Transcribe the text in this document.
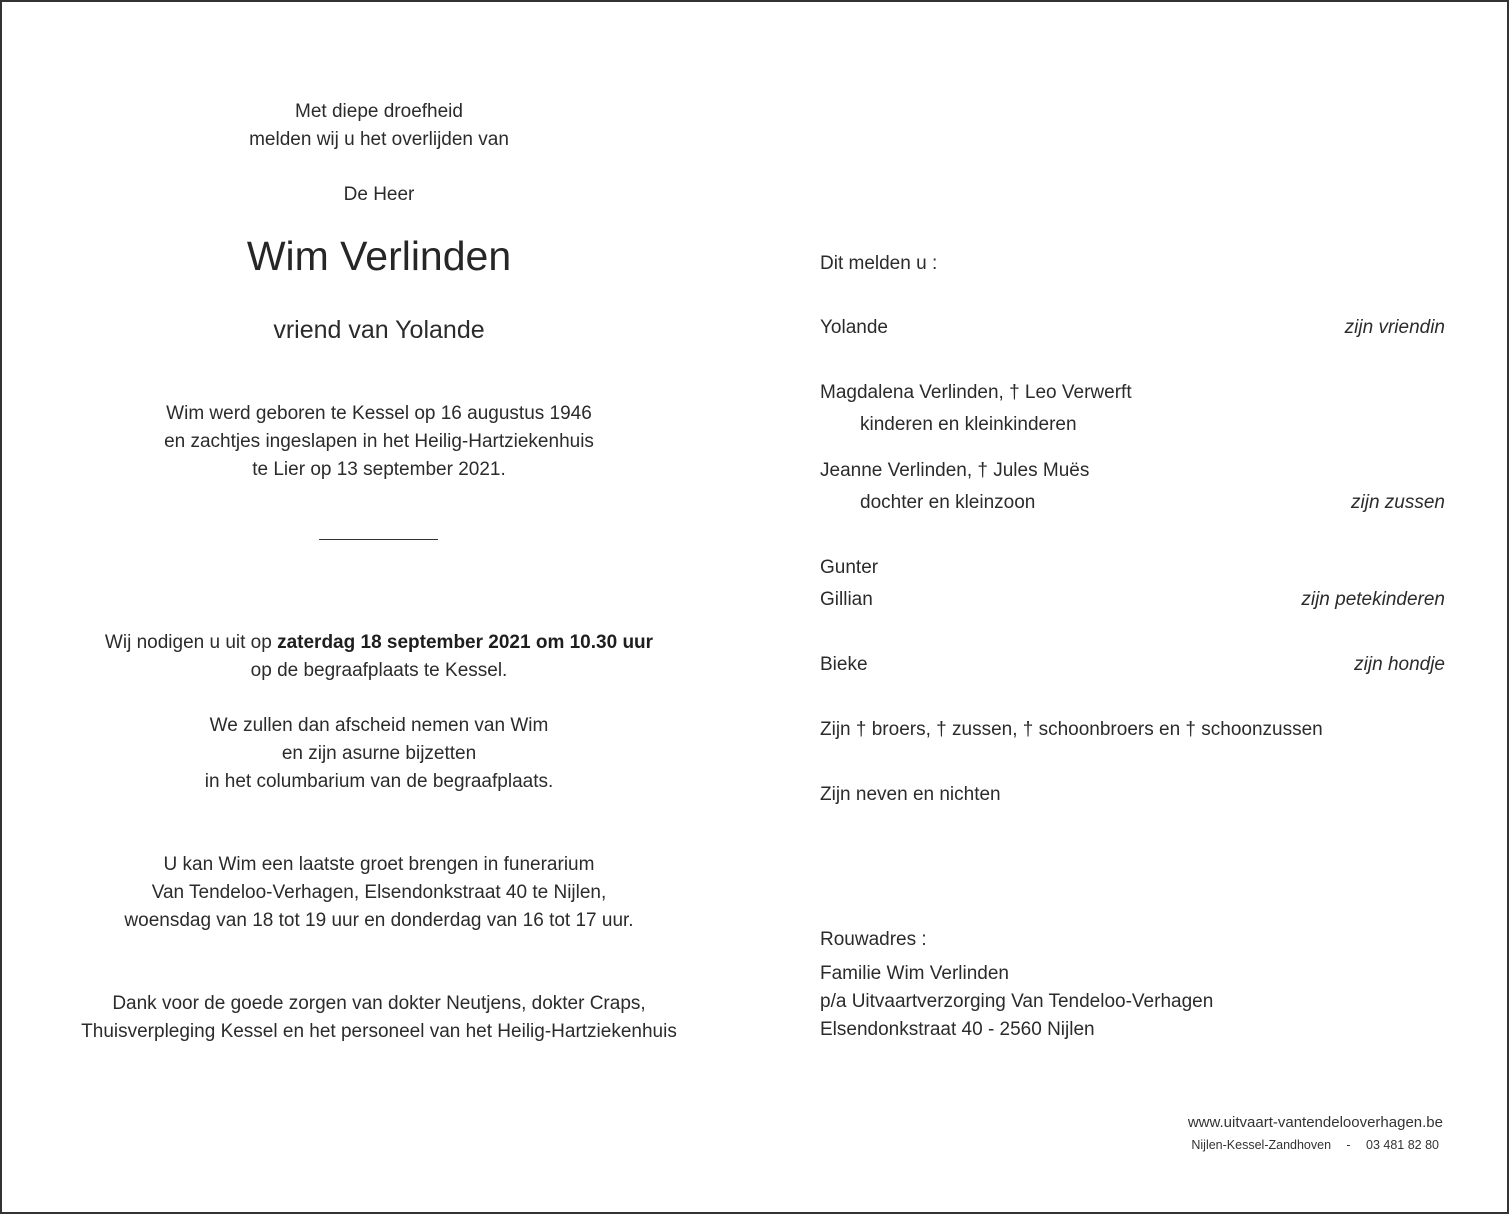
Met diepe droefheid
melden wij u het overlijden van
De Heer
Wim Verlinden
vriend van Yolande
Wim werd geboren te Kessel op 16 augustus 1946
en zachtjes ingeslapen in het Heilig-Hartziekenhuis
te Lier op 13 september 2021.
Wij nodigen u uit op zaterdag 18 september 2021 om 10.30 uur
op de begraafplaats te Kessel.
We zullen dan afscheid nemen van Wim
en zijn asurne bijzetten
in het columbarium van de begraafplaats.
U kan Wim een laatste groet brengen in funerarium
Van Tendeloo-Verhagen, Elsendonkstraat 40 te Nijlen,
woensdag van 18 tot 19 uur en donderdag van 16 tot 17 uur.
Dank voor de goede zorgen van dokter Neutjens, dokter Craps,
Thuisverpleging Kessel en het personeel van het Heilig-Hartziekenhuis
Dit melden u :
Yolande	zijn vriendin
Magdalena Verlinden, † Leo Verwerft
kinderen en kleinkinderen
Jeanne Verlinden, † Jules Muës
dochter en kleinzoon	zijn zussen
Gunter
Gillian	zijn petekinderen
Bieke	zijn hondje
Zijn † broers, † zussen, † schoonbroers en † schoonzussen
Zijn neven en nichten
Rouwadres :
Familie Wim Verlinden
p/a Uitvaartverzorging Van Tendeloo-Verhagen
Elsendonkstraat 40 - 2560 Nijlen
www.uitvaart-vantendelooverhagen.be
Nijlen-Kessel-Zandhoven - 03 481 82 80
